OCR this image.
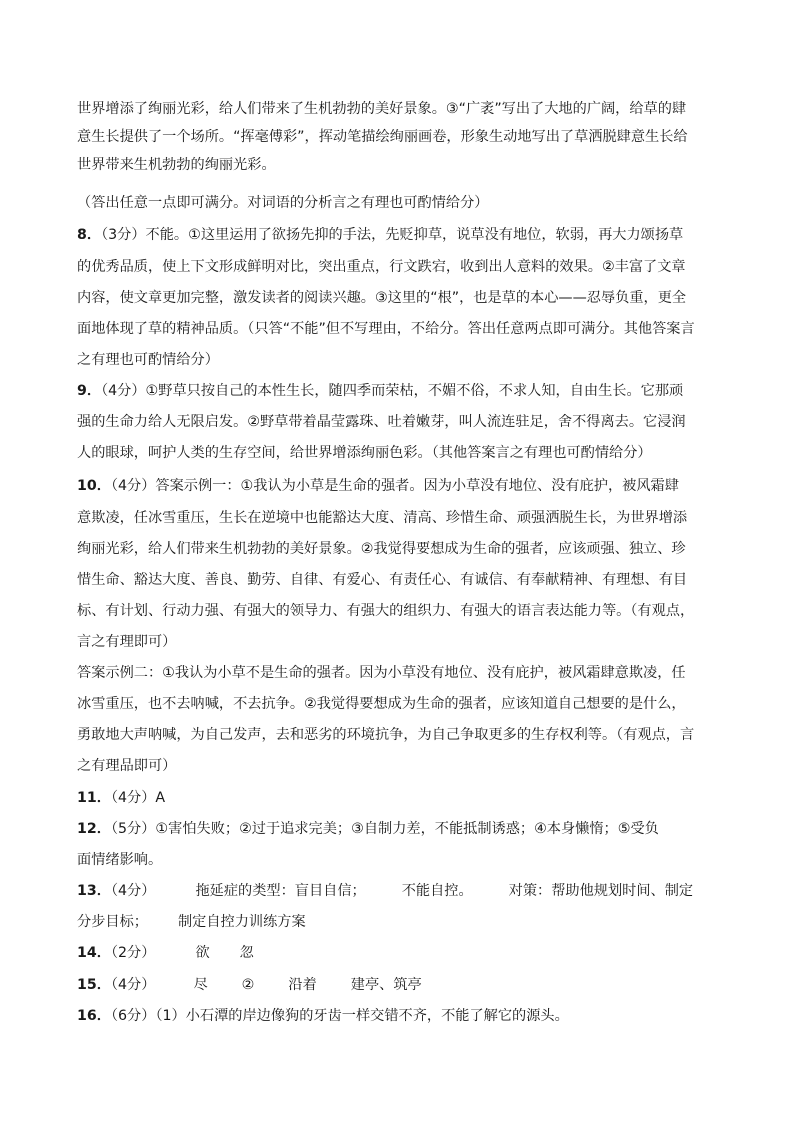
世界增添了绚丽光彩，给人们带来了生机勃勃的美好景象。③“广袤”写出了大地的广阔，给草的肆
意生长提供了一个场所。“挥毫傅彩”，挥动笔描绘绚丽画卷，形象生动地写出了草洒脱肆意生长给
世界带来生机勃勃的绚丽光彩。
（答出任意一点即可满分。对词语的分析言之有理也可酌情给分）
8．（3分）不能。①这里运用了欲扬先抑的手法，先贬抑草，说草没有地位，软弱，再大力颂扬草
的优秀品质，使上下文形成鲜明对比，突出重点，行文跌宕，收到出人意料的效果。②丰富了文章
内容，使文章更加完整，激发读者的阅读兴趣。③这里的“根”，也是草的本心——忍辱负重，更全
面地体现了草的精神品质。（只答“不能”但不写理由，不给分。答出任意两点即可满分。其他答案言
之有理也可酌情给分）
9．（4分）①野草只按自己的本性生长，随四季而荣枯，不媚不俗，不求人知，自由生长。它那顽
强的生命力给人无限启发。②野草带着晶莹露珠、吐着嫩芽，叫人流连驻足，舍不得离去。它浸润
人的眼球，呵护人类的生存空间，给世界增添绚丽色彩。（其他答案言之有理也可酌情给分）
10．（4分）答案示例一：①我认为小草是生命的强者。因为小草没有地位、没有庇护，被风霜肆
意欺凌，任冰雪重压，生长在逆境中也能豁达大度、清高、珍惜生命、顽强洒脱生长，为世界增添
绚丽光彩，给人们带来生机勃勃的美好景象。②我觉得要想成为生命的强者，应该顽强、独立、珍
惜生命、豁达大度、善良、勤劳、自律、有爱心、有责任心、有诚信、有奉献精神、有理想、有目
标、有计划、行动力强、有强大的领导力、有强大的组织力、有强大的语言表达能力等。（有观点，
言之有理即可）
答案示例二：①我认为小草不是生命的强者。因为小草没有地位、没有庇护，被风霜肆意欺凌，任
冰雪重压，也不去呐喊，不去抗争。②我觉得要想成为生命的强者，应该知道自己想要的是什么，
勇敢地大声呐喊，为自己发声，去和恶劣的环境抗争，为自己争取更多的生存权利等。（有观点，言
之有理品即可）
11．（4分）A
12．（5分）①害怕失败；②过于追求完美；③自制力差，不能抵制诱惑；④本身懒惰；⑤受负
面情绪影响。
13．（4分）	拖延症的类型：盲目自信；	不能自控。	对策：帮助他规划时间、制定
分步目标； 制定自控力训练方案
14．（2分）	欲 忽
15．（4分）	尽 ② 沿着 建亭、筑亭
16．（6分）（1）小石潭的岸边像狗的牙齿一样交错不齐，不能了解它的源头。
